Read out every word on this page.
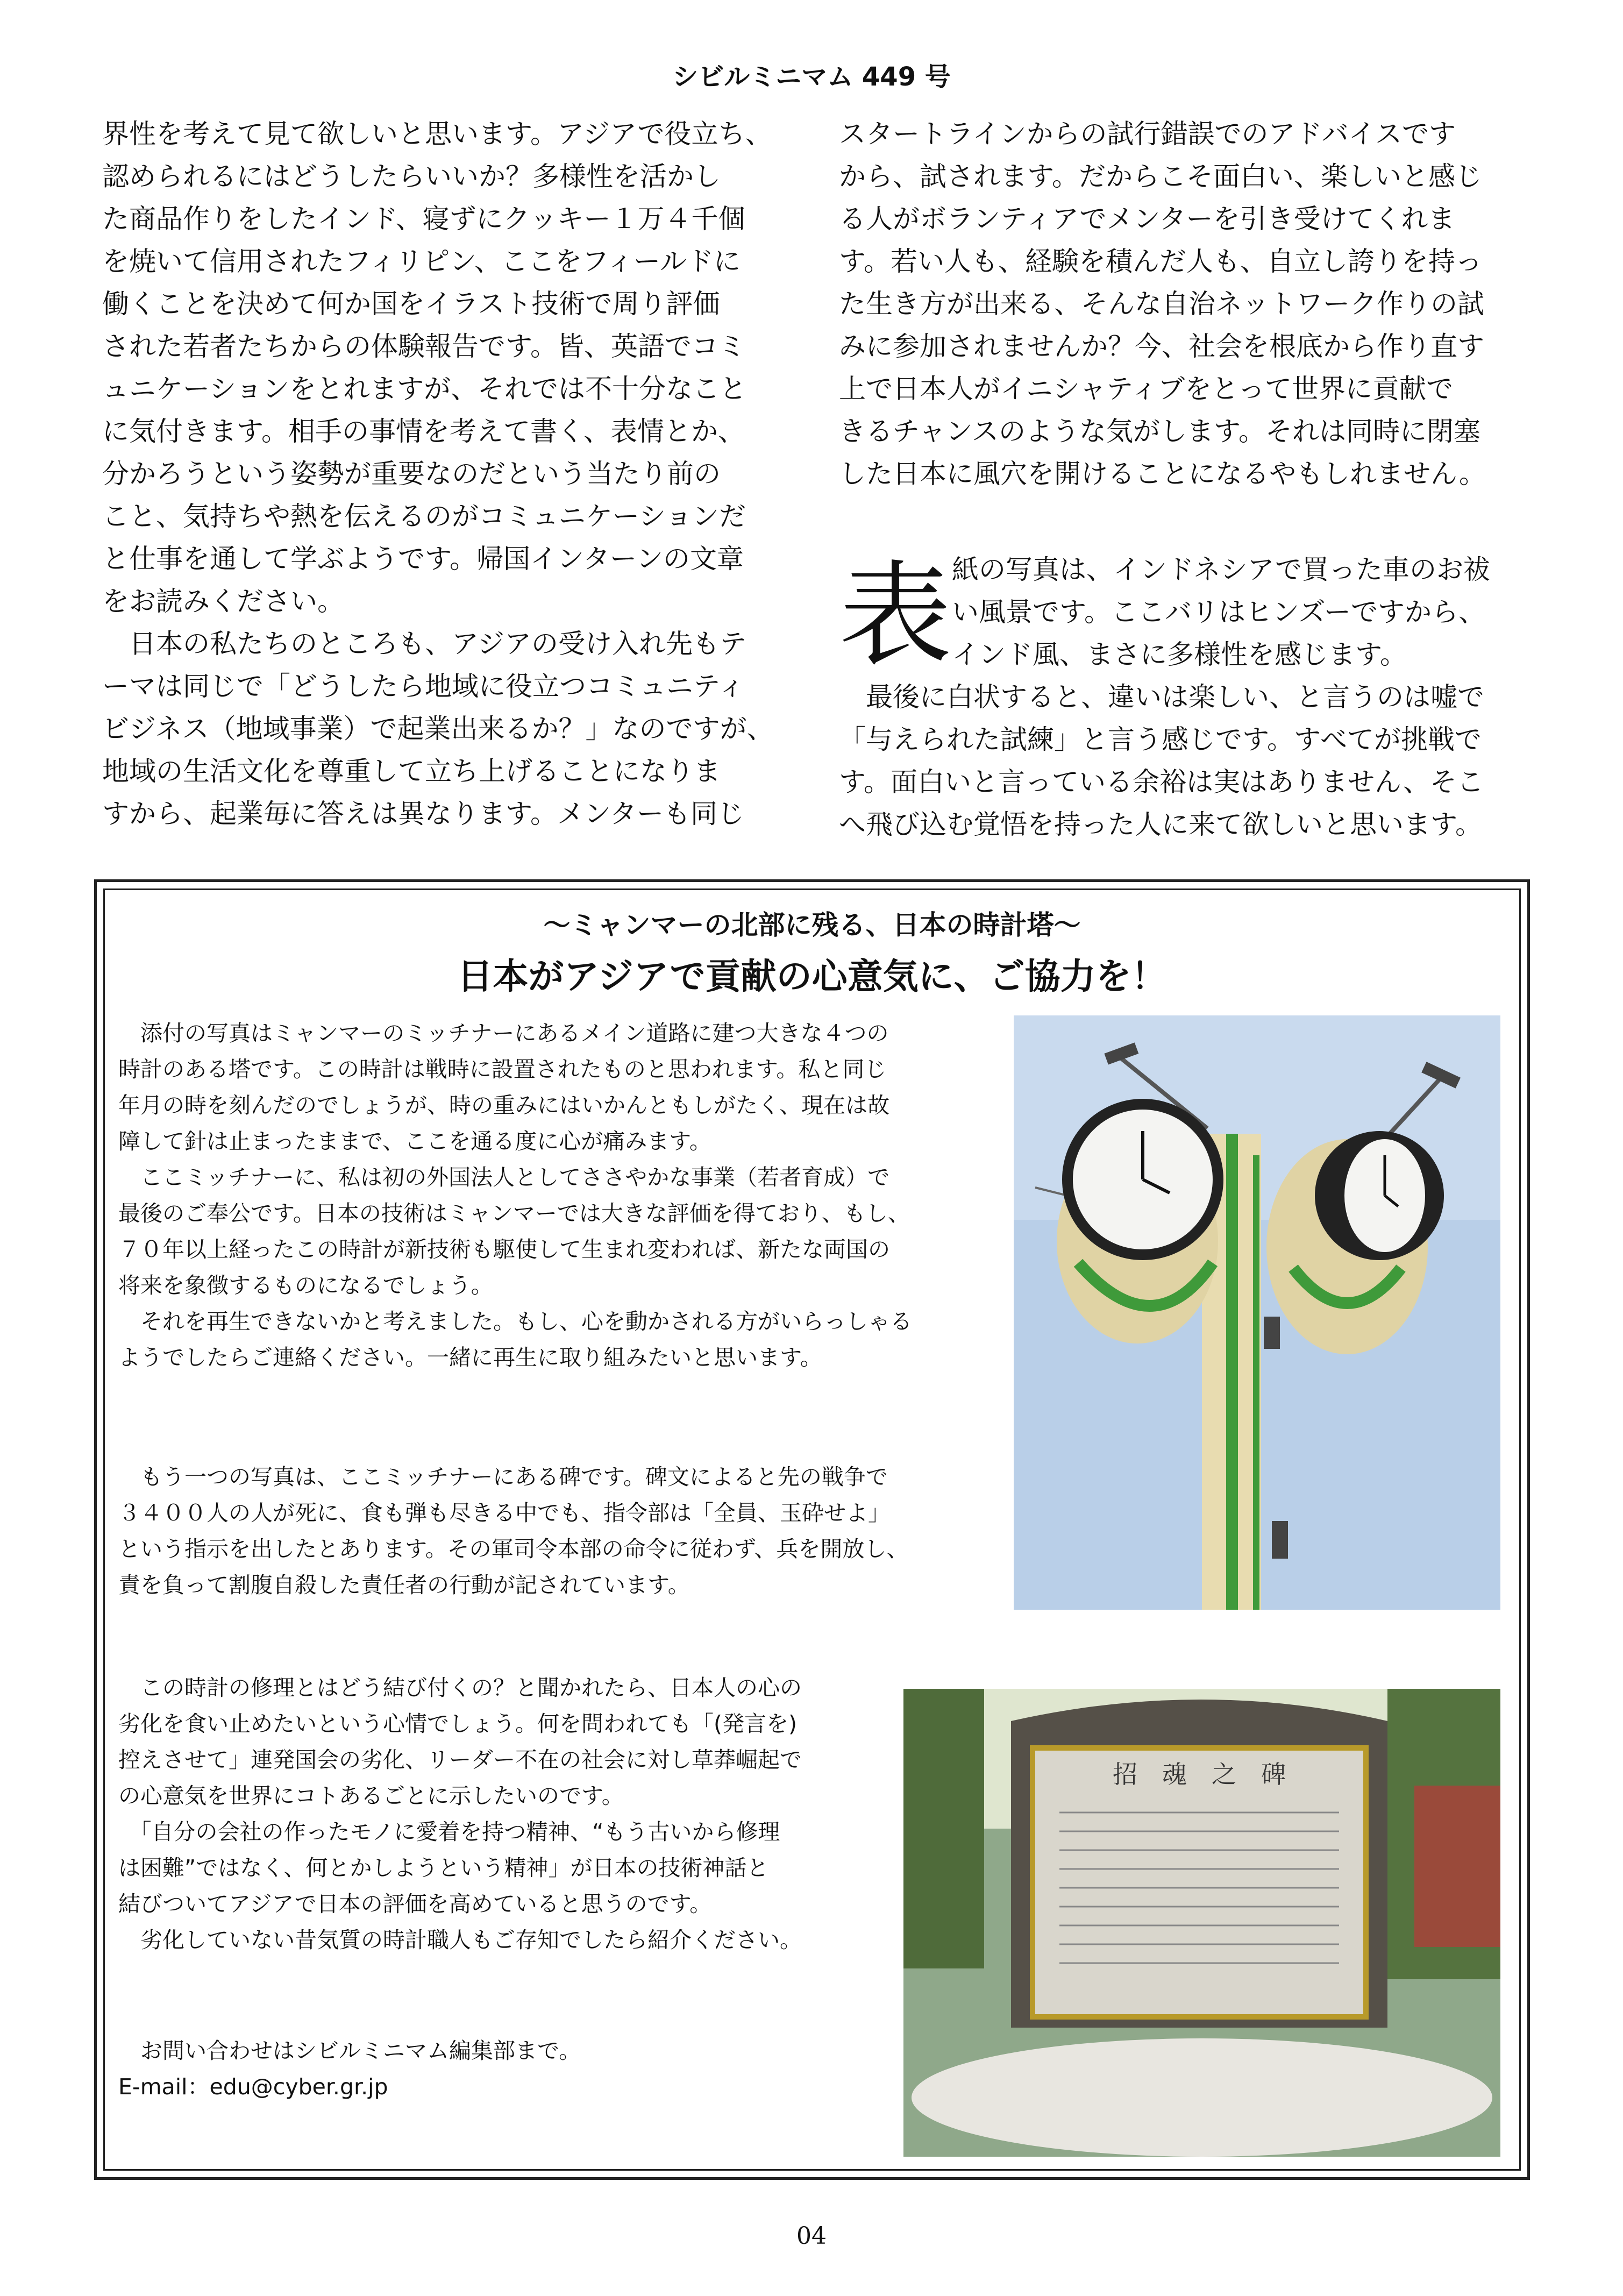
シビルミニマム 449 号

界性を考えて見て欲しいと思います。アジアで役立ち、

認められるにはどうしたらいいか？多様性を活かし

た商品作りをしたインド、寝ずにクッキー１万４千個

を焼いて信用されたフィリピン、ここをフィールドに

働くことを決めて何か国をイラスト技術で周り評価

された若者たちからの体験報告です。皆、英語でコミ

ュニケーションをとれますが、それでは不十分なこと

に気付きます。相手の事情を考えて書く、表情とか、

分かろうという姿勢が重要なのだという当たり前の

こと、気持ちや熱を伝えるのがコミュニケーションだ

と仕事を通して学ぶようです。帰国インターンの文章

をお読みください。

　日本の私たちのところも、アジアの受け入れ先もテ

ーマは同じで「どうしたら地域に役立つコミュニティ

ビジネス（地域事業）で起業出来るか？」なのですが、

地域の生活文化を尊重して立ち上げることになりま

すから、起業毎に答えは異なります。メンターも同じ

スタートラインからの試行錯誤でのアドバイスです

から、試されます。だからこそ面白い、楽しいと感じ

る人がボランティアでメンターを引き受けてくれま

す。若い人も、経験を積んだ人も、自立し誇りを持っ

た生き方が出来る、そんな自治ネットワーク作りの試

みに参加されませんか？今、社会を根底から作り直す

上で日本人がイニシャティブをとって世界に貢献で

きるチャンスのような気がします。それは同時に閉塞

した日本に風穴を開けることになるやもしれません。

表 紙の写真は、インドネシアで買った車のお祓

い風景です。ここバリはヒンズーですから、

インド風、まさに多様性を感じます。

　最後に白状すると、違いは楽しい、と言うのは嘘で

「与えられた試練」と言う感じです。すべてが挑戦で

す。面白いと言っている余裕は実はありません、そこ

へ飛び込む覚悟を持った人に来て欲しいと思います。

～ミャンマーの北部に残る、日本の時計塔～
日本がアジアで貢献の心意気に、ご協力を！

　添付の写真はミャンマーのミッチナーにあるメイン道路に建つ大きな４つの

時計のある塔です。この時計は戦時に設置されたものと思われます。私と同じ

年月の時を刻んだのでしょうが、時の重みにはいかんともしがたく、現在は故

障して針は止まったままで、ここを通る度に心が痛みます。

　ここミッチナーに、私は初の外国法人としてささやかな事業（若者育成）で

最後のご奉公です。日本の技術はミャンマーでは大きな評価を得ており、もし、

７０年以上経ったこの時計が新技術も駆使して生まれ変われば、新たな両国の

将来を象徴するものになるでしょう。

　それを再生できないかと考えました。もし、心を動かされる方がいらっしゃる

ようでしたらご連絡ください。一緒に再生に取り組みたいと思います。

　もう一つの写真は、ここミッチナーにある碑です。碑文によると先の戦争で

３４００人の人が死に、食も弾も尽きる中でも、指令部は「全員、玉砕せよ」

という指示を出したとあります。その軍司令本部の命令に従わず、兵を開放し、

責を負って割腹自殺した責任者の行動が記されています。

　この時計の修理とはどう結び付くの？と聞かれたら、日本人の心の

劣化を食い止めたいという心情でしょう。何を問われても「(発言を)

控えさせて」連発国会の劣化、リーダー不在の社会に対し草莽崛起で

の心意気を世界にコトあるごとに示したいのです。

　「自分の会社の作ったモノに愛着を持つ精神、“もう古いから修理

は困難”ではなく、何とかしようという精神」が日本の技術神話と

結びついてアジアで日本の評価を高めていると思うのです。

　劣化していない昔気質の時計職人もご存知でしたら紹介ください。

　お問い合わせはシビルミニマム編集部まで。

E-mail：edu@cyber.gr.jp

招　魂　之　碑
04
